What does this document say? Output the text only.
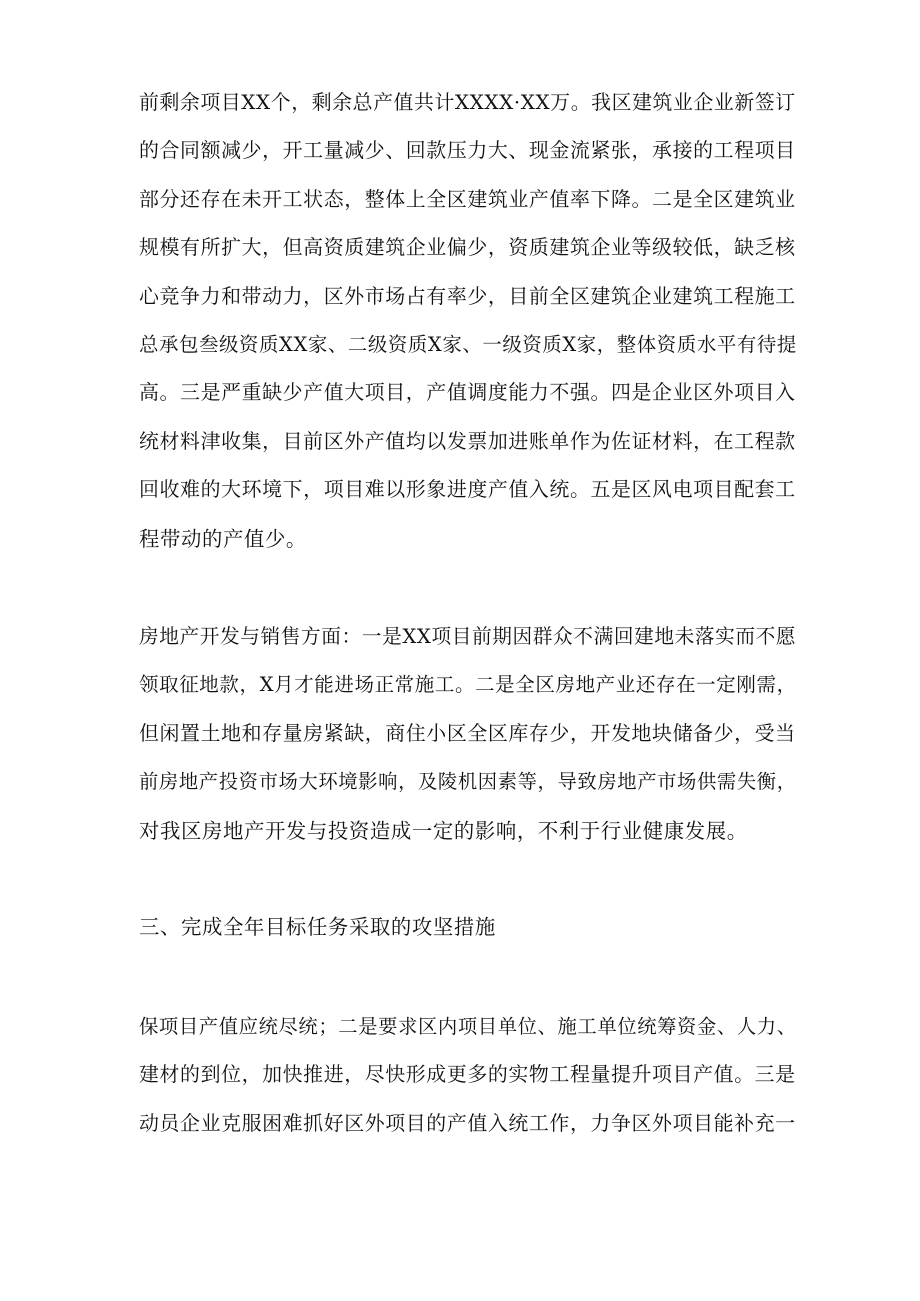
前剩余项目XX个，剩余总产值共计XXXX·XX万。我区建筑业企业新签订
的合同额减少，开工量减少、回款压力大、现金流紧张，承接的工程项目
部分还存在未开工状态，整体上全区建筑业产值率下降。二是全区建筑业
规模有所扩大，但高资质建筑企业偏少，资质建筑企业等级较低，缺乏核
心竞争力和带动力，区外市场占有率少，目前全区建筑企业建筑工程施工
总承包叁级资质XX家、二级资质X家、一级资质X家，整体资质水平有待提
高。三是严重缺少产值大项目，产值调度能力不强。四是企业区外项目入
统材料津收集，目前区外产值均以发票加进账单作为佐证材料，在工程款
回收难的大环境下，项目难以形象进度产值入统。五是区风电项目配套工
程带动的产值少。
房地产开发与销售方面：一是XX项目前期因群众不满回建地未落实而不愿
领取征地款，X月才能进场正常施工。二是全区房地产业还存在一定刚需，
但闲置土地和存量房紧缺，商住小区全区库存少，开发地块储备少，受当
前房地产投资市场大环境影响，及陵机因素等，导致房地产市场供需失衡，
对我区房地产开发与投资造成一定的影响，不利于行业健康发展。
三、完成全年目标任务采取的攻坚措施
保项目产值应统尽统；二是要求区内项目单位、施工单位统筹资金、人力、
建材的到位，加快推进，尽快形成更多的实物工程量提升项目产值。三是
动员企业克服困难抓好区外项目的产值入统工作，力争区外项目能补充一
